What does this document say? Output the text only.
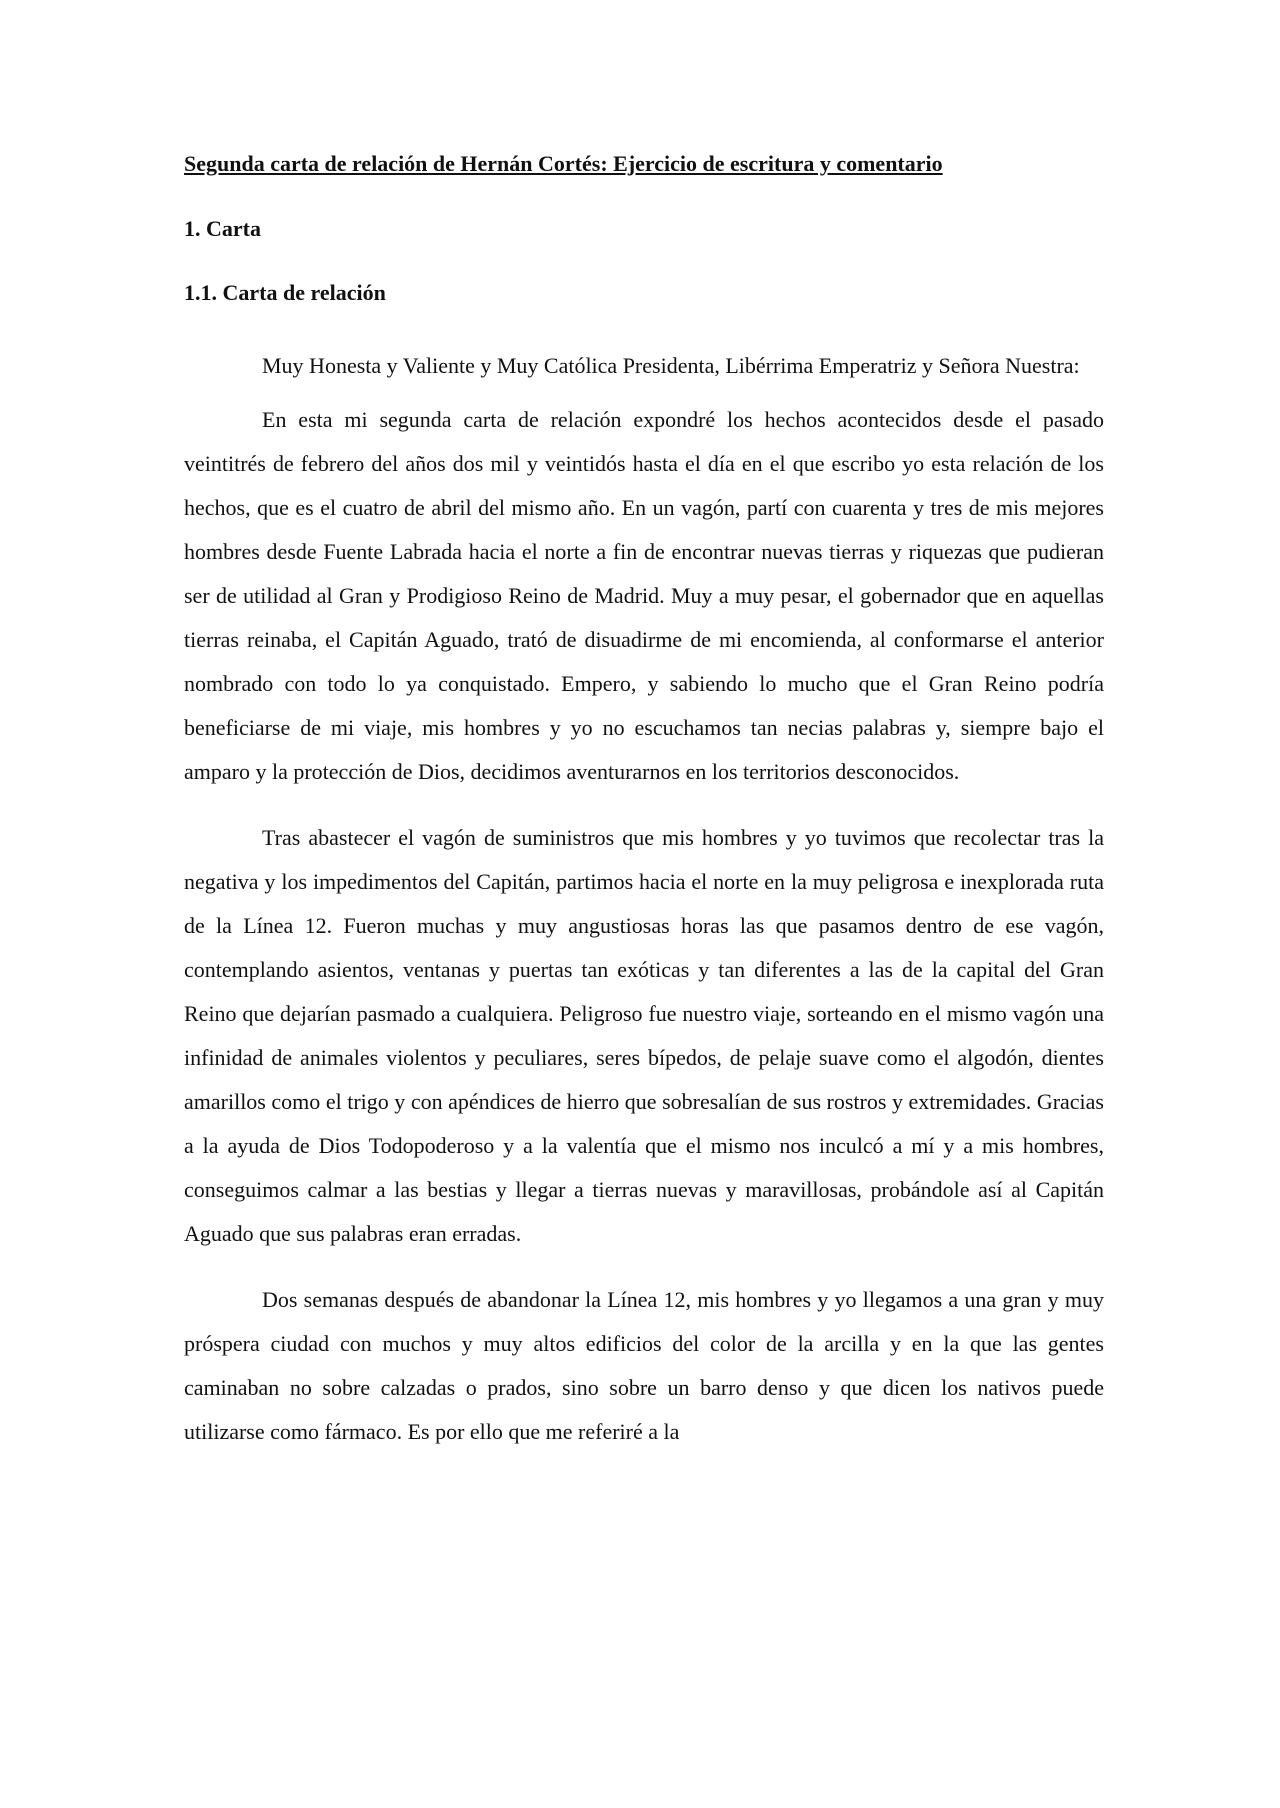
Segunda carta de relación de Hernán Cortés: Ejercicio de escritura y comentario
1. Carta
1.1. Carta de relación

Muy Honesta y Valiente y Muy Católica Presidenta, Libérrima Emperatriz y Señora Nuestra:

En esta mi segunda carta de relación expondré los hechos acontecidos desde el pasado veintitrés de febrero del años dos mil y veintidós hasta el día en el que escribo yo esta relación de los hechos, que es el cuatro de abril del mismo año. En un vagón, partí con cuarenta y tres de mis mejores hombres desde Fuente Labrada hacia el norte a fin de encontrar nuevas tierras y riquezas que pudieran ser de utilidad al Gran y Prodigioso Reino de Madrid. Muy a muy pesar, el gobernador que en aquellas tierras reinaba, el Capitán Aguado, trató de disuadirme de mi encomienda, al conformarse el anterior nombrado con todo lo ya conquistado. Empero, y sabiendo lo mucho que el Gran Reino podría beneficiarse de mi viaje, mis hombres y yo no escuchamos tan necias palabras y, siempre bajo el amparo y la protección de Dios, decidimos aventurarnos en los territorios desconocidos.

Tras abastecer el vagón de suministros que mis hombres y yo tuvimos que recolectar tras la negativa y los impedimentos del Capitán, partimos hacia el norte en la muy peligrosa e inexplorada ruta de la Línea 12. Fueron muchas y muy angustiosas horas las que pasamos dentro de ese vagón, contemplando asientos, ventanas y puertas tan exóticas y tan diferentes a las de la capital del Gran Reino que dejarían pasmado a cualquiera. Peligroso fue nuestro viaje, sorteando en el mismo vagón una infinidad de animales violentos y peculiares, seres bípedos, de pelaje suave como el algodón, dientes amarillos como el trigo y con apéndices de hierro que sobresalían de sus rostros y extremidades. Gracias a la ayuda de Dios Todopoderoso y a la valentía que el mismo nos inculcó a mí y a mis hombres, conseguimos calmar a las bestias y llegar a tierras nuevas y maravillosas, probándole así al Capitán Aguado que sus palabras eran erradas.

Dos semanas después de abandonar la Línea 12, mis hombres y yo llegamos a una gran y muy próspera ciudad con muchos y muy altos edificios del color de la arcilla y en la que las gentes caminaban no sobre calzadas o prados, sino sobre un barro denso y que dicen los nativos puede utilizarse como fármaco. Es por ello que me referiré a la
